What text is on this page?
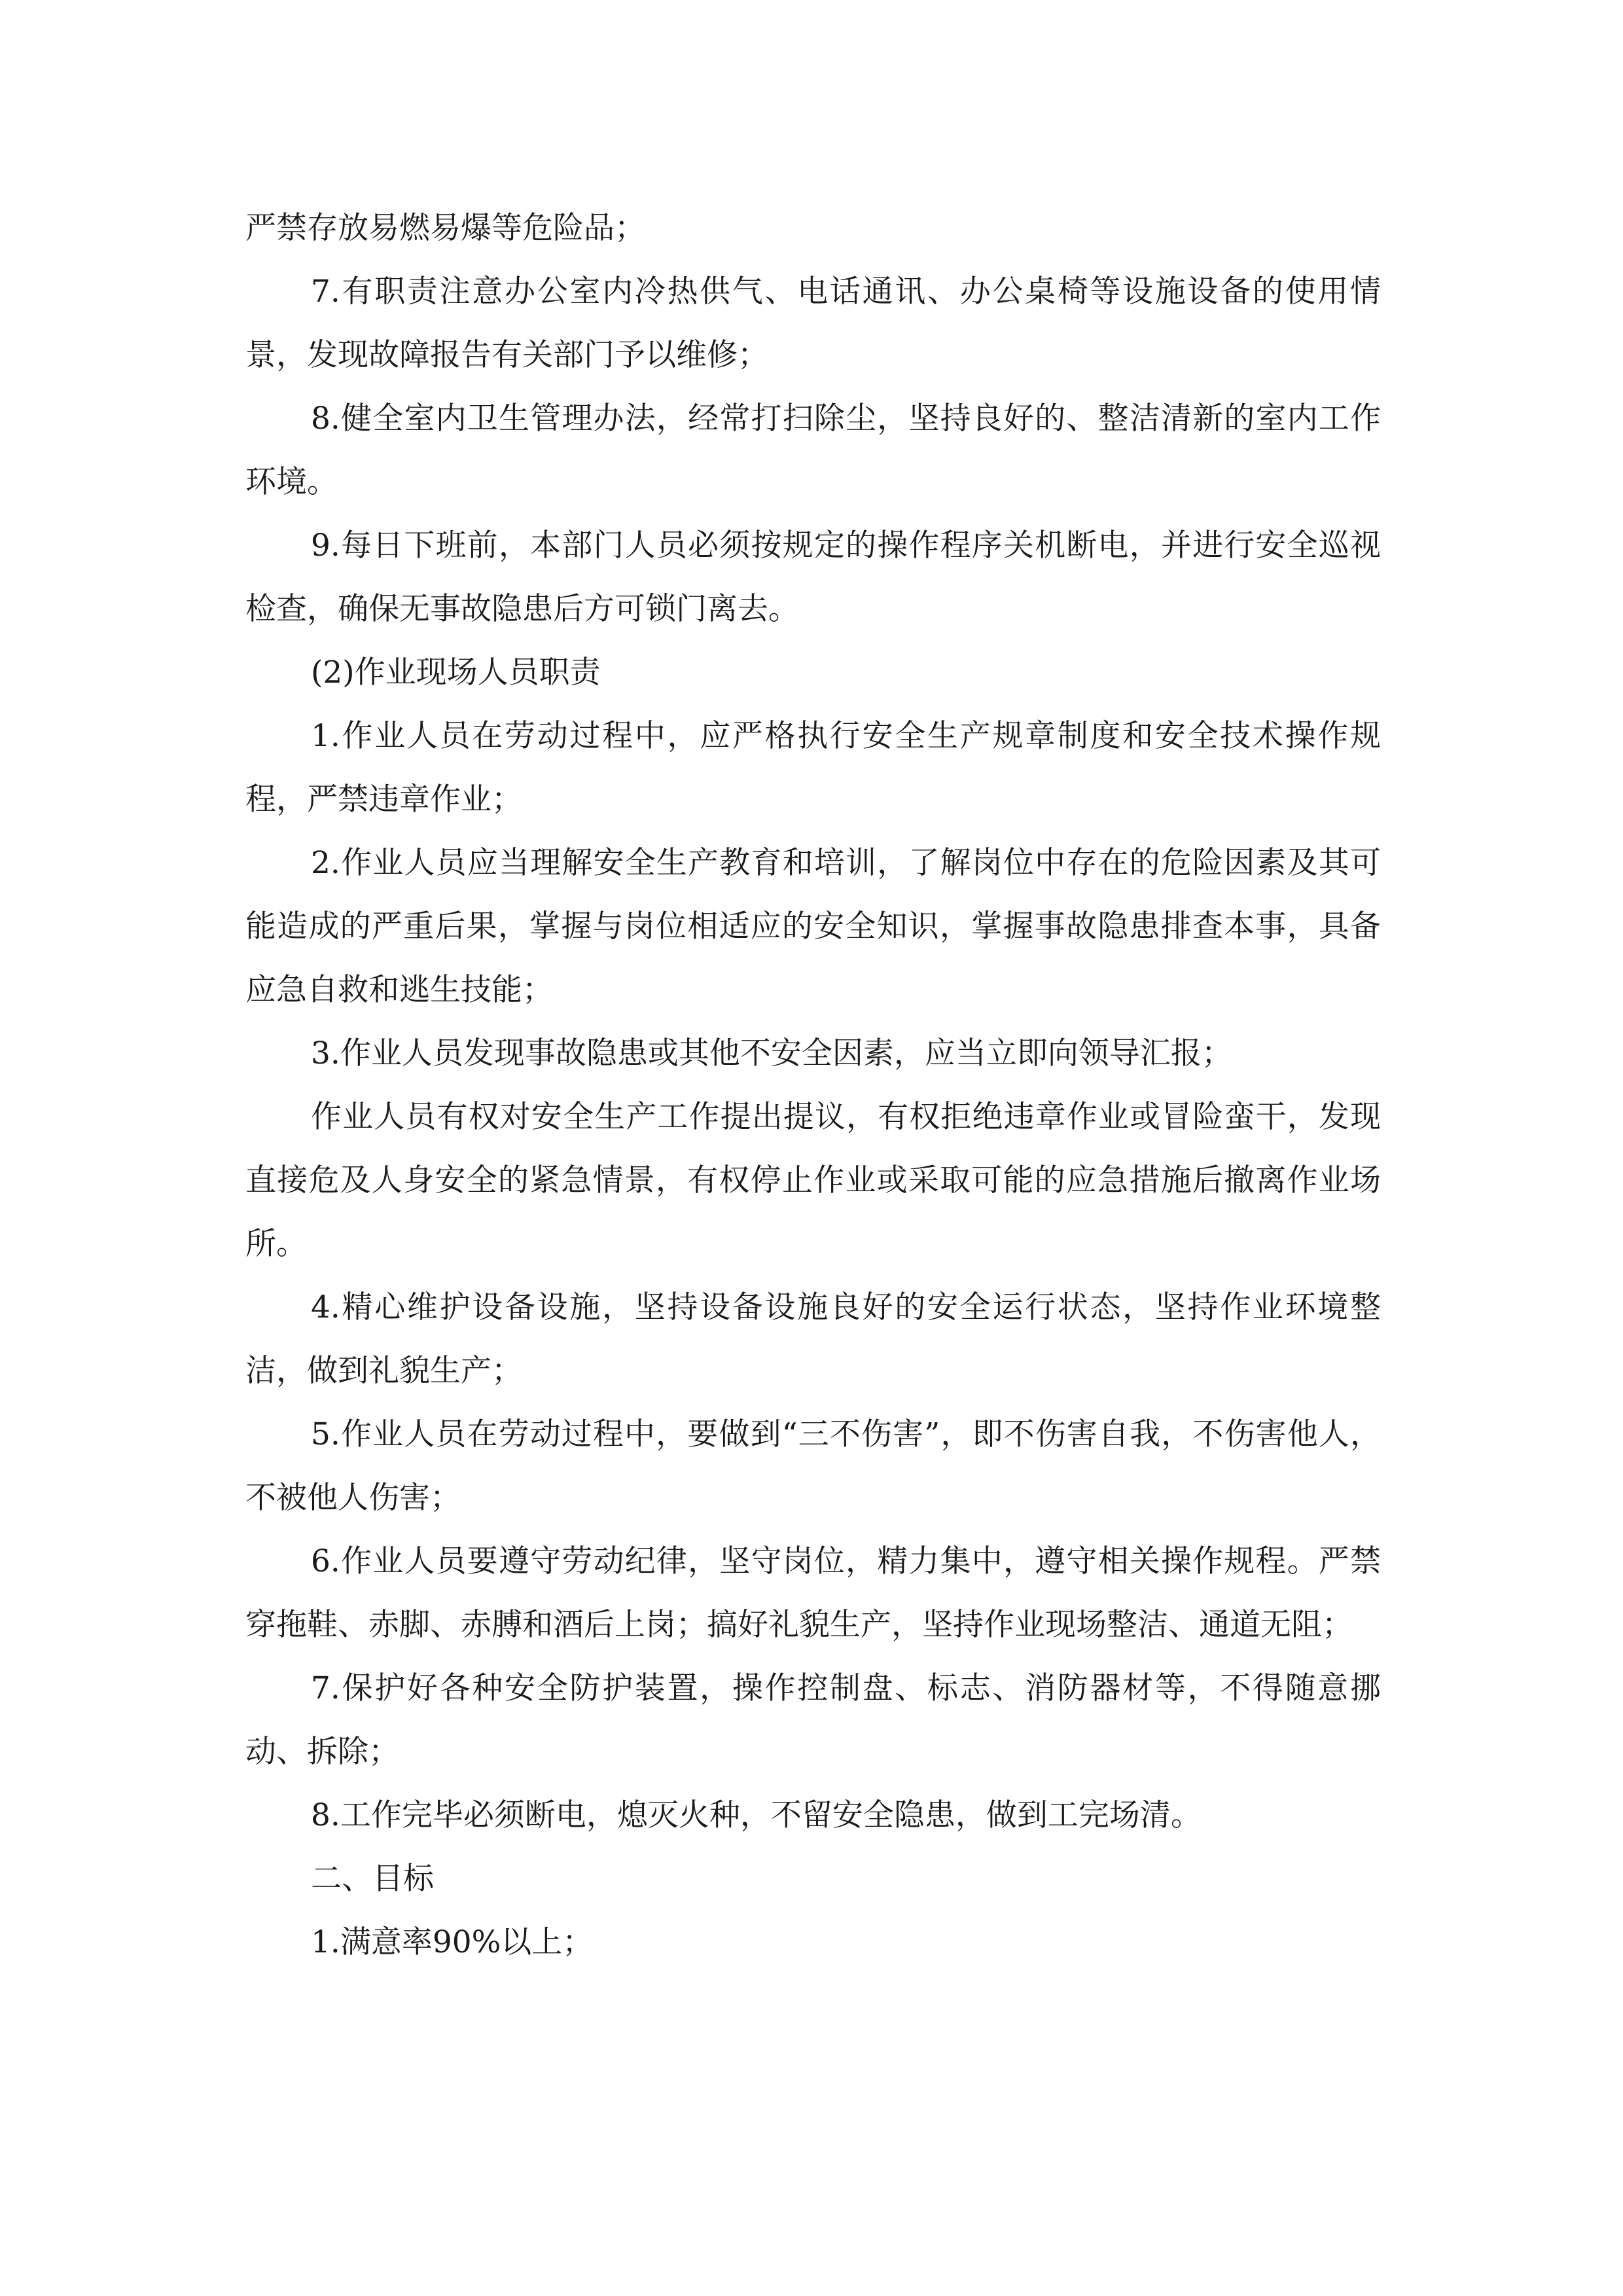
严禁存放易燃易爆等危险品；

7.有职责注意办公室内冷热供气、电话通讯、办公桌椅等设施设备的使用情景，发现故障报告有关部门予以维修；

8.健全室内卫生管理办法，经常打扫除尘，坚持良好的、整洁清新的室内工作环境。

9.每日下班前，本部门人员必须按规定的操作程序关机断电，并进行安全巡视检查，确保无事故隐患后方可锁门离去。

(2)作业现场人员职责

1.作业人员在劳动过程中，应严格执行安全生产规章制度和安全技术操作规程，严禁违章作业；

2.作业人员应当理解安全生产教育和培训，了解岗位中存在的危险因素及其可能造成的严重后果，掌握与岗位相适应的安全知识，掌握事故隐患排查本事，具备应急自救和逃生技能；

3.作业人员发现事故隐患或其他不安全因素，应当立即向领导汇报；

作业人员有权对安全生产工作提出提议，有权拒绝违章作业或冒险蛮干，发现直接危及人身安全的紧急情景，有权停止作业或采取可能的应急措施后撤离作业场所。

4.精心维护设备设施，坚持设备设施良好的安全运行状态，坚持作业环境整洁，做到礼貌生产；

5.作业人员在劳动过程中，要做到“三不伤害”，即不伤害自我，不伤害他人，不被他人伤害；

6.作业人员要遵守劳动纪律，坚守岗位，精力集中，遵守相关操作规程。严禁穿拖鞋、赤脚、赤膊和酒后上岗；搞好礼貌生产，坚持作业现场整洁、通道无阻；

7.保护好各种安全防护装置，操作控制盘、标志、消防器材等，不得随意挪动、拆除；

8.工作完毕必须断电，熄灭火种，不留安全隐患，做到工完场清。

二、目标

1.满意率90%以上；
